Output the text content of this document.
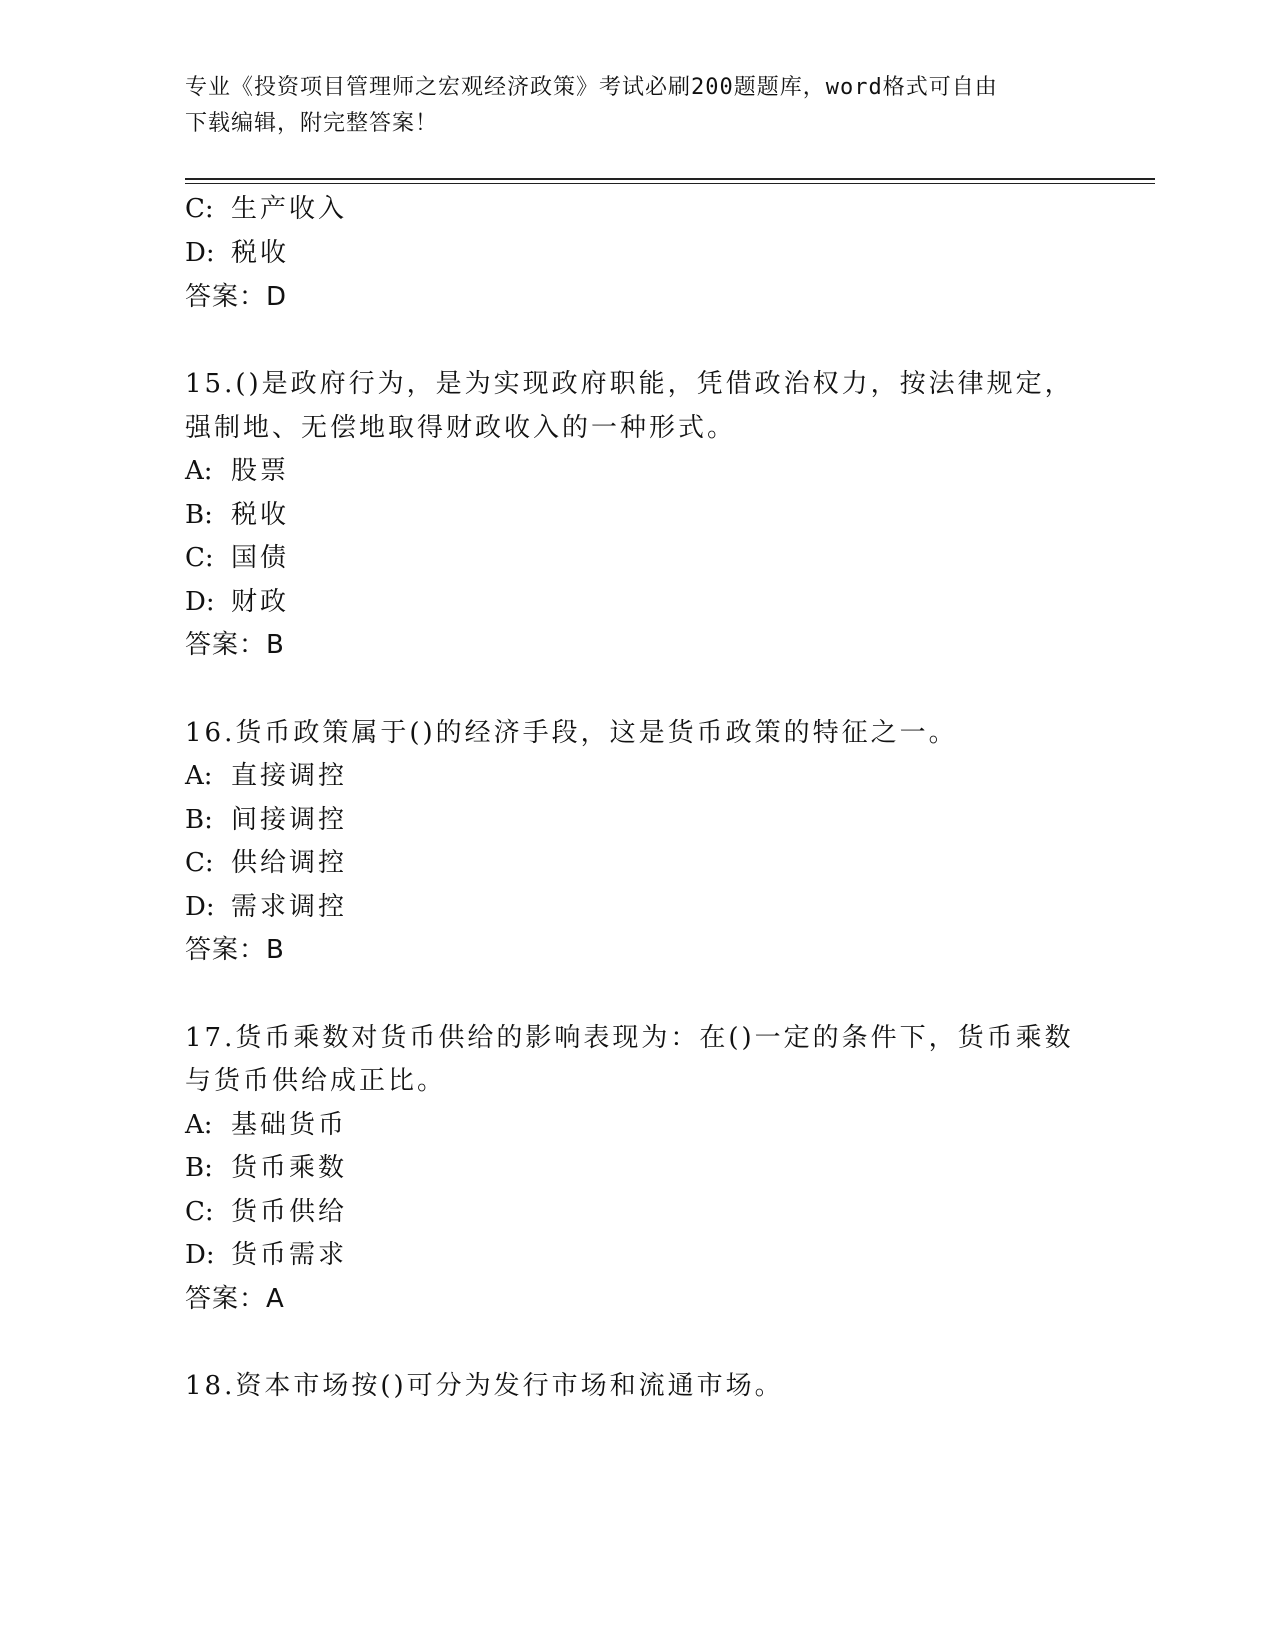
专业《投资项目管理师之宏观经济政策》考试必刷200题题库，word格式可自由
下载编辑，附完整答案！
C: 生产收入
D: 税收
答案：D
15.()是政府行为，是为实现政府职能，凭借政治权力，按法律规定，
强制地、无偿地取得财政收入的一种形式。
A: 股票
B: 税收
C: 国债
D: 财政
答案：B
16.货币政策属于()的经济手段，这是货币政策的特征之一。
A: 直接调控
B: 间接调控
C: 供给调控
D: 需求调控
答案：B
17.货币乘数对货币供给的影响表现为：在()一定的条件下，货币乘数
与货币供给成正比。
A: 基础货币
B: 货币乘数
C: 货币供给
D: 货币需求
答案：A
18.资本市场按()可分为发行市场和流通市场。
